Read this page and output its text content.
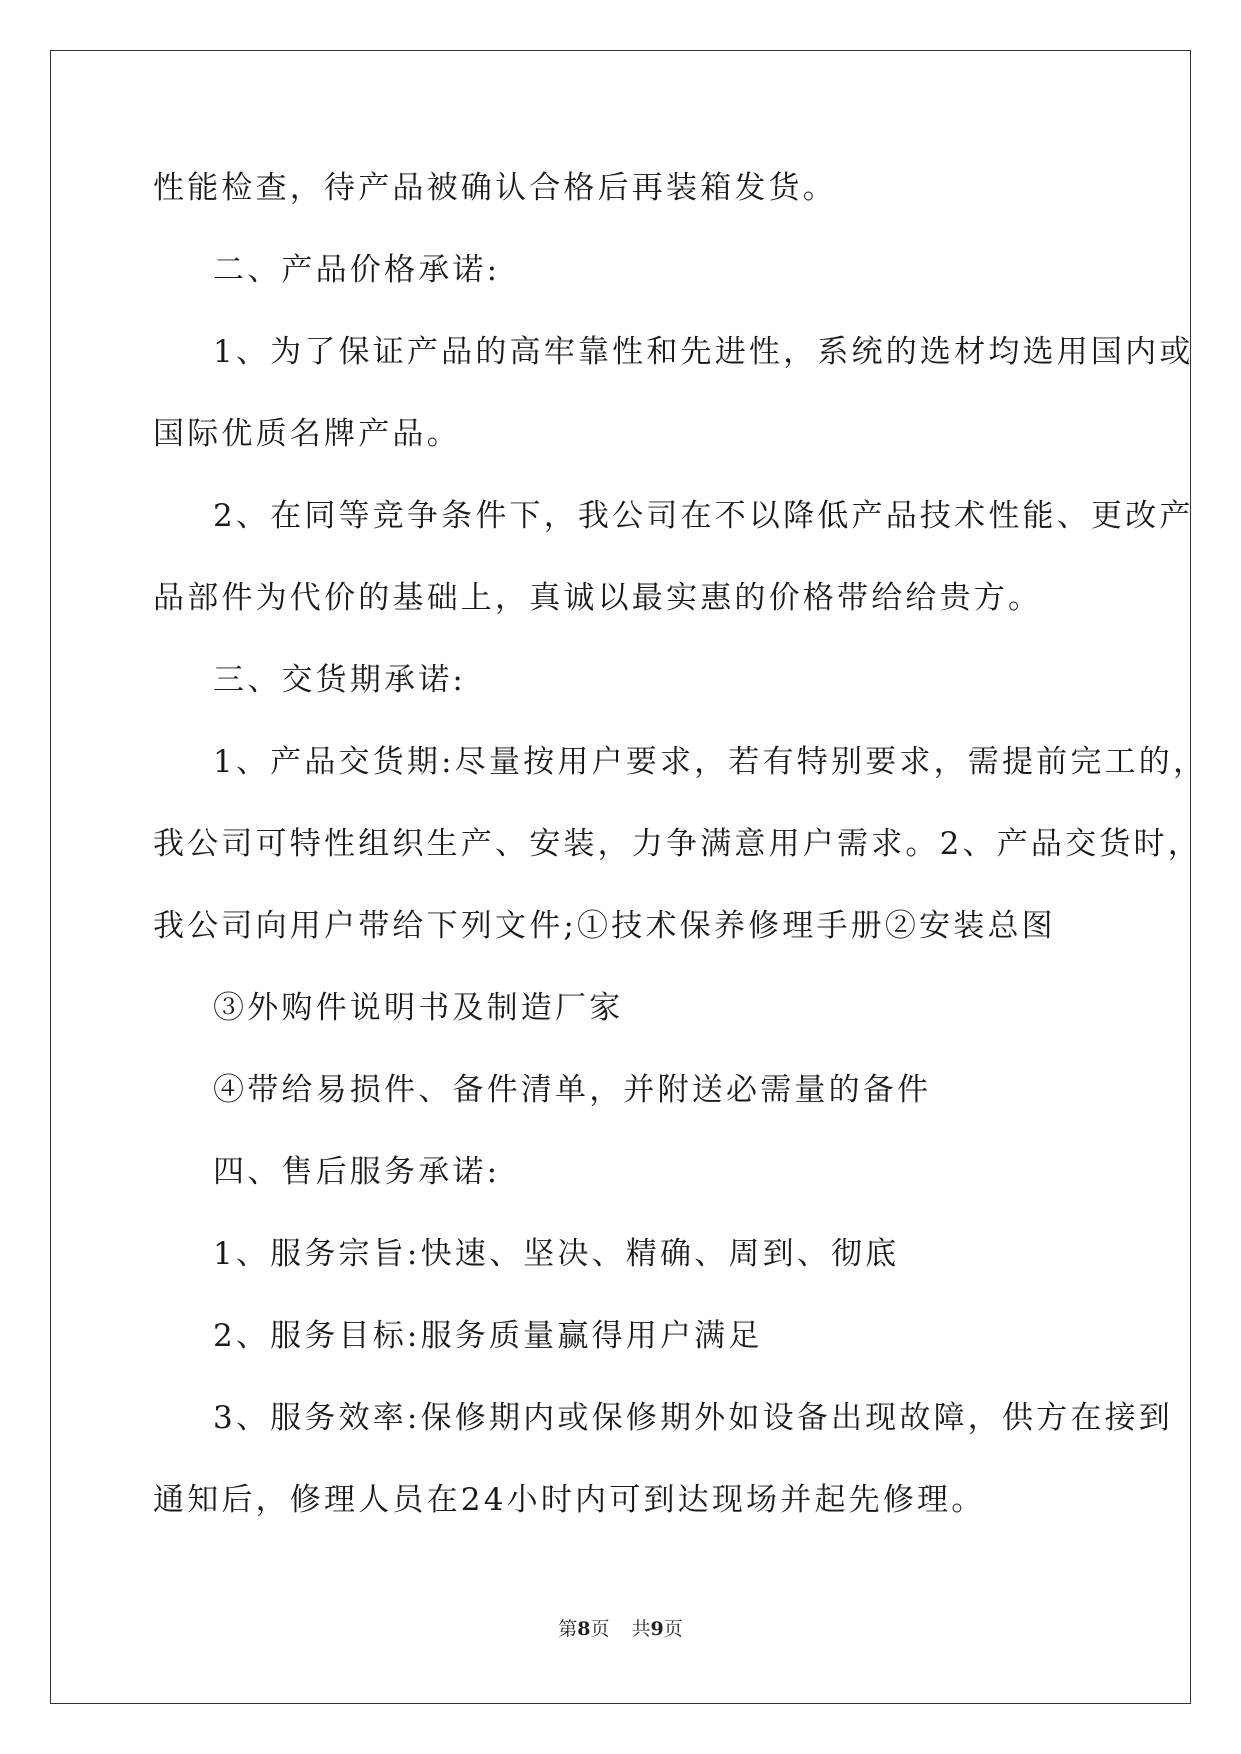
性能检查，待产品被确认合格后再装箱发货。
二、产品价格承诺:
1、为了保证产品的高牢靠性和先进性，系统的选材均选用国内或
国际优质名牌产品。
2、在同等竞争条件下，我公司在不以降低产品技术性能、更改产
品部件为代价的基础上，真诚以最实惠的价格带给给贵方。
三、交货期承诺:
1、产品交货期:尽量按用户要求，若有特别要求，需提前完工的，
我公司可特性组织生产、安装，力争满意用户需求。2、产品交货时，
我公司向用户带给下列文件;①技术保养修理手册②安装总图
③外购件说明书及制造厂家
④带给易损件、备件清单，并附送必需量的备件
四、售后服务承诺:
1、服务宗旨:快速、坚决、精确、周到、彻底
2、服务目标:服务质量赢得用户满足
3、服务效率:保修期内或保修期外如设备出现故障，供方在接到
通知后，修理人员在24小时内可到达现场并起先修理。
第8页 共9页
